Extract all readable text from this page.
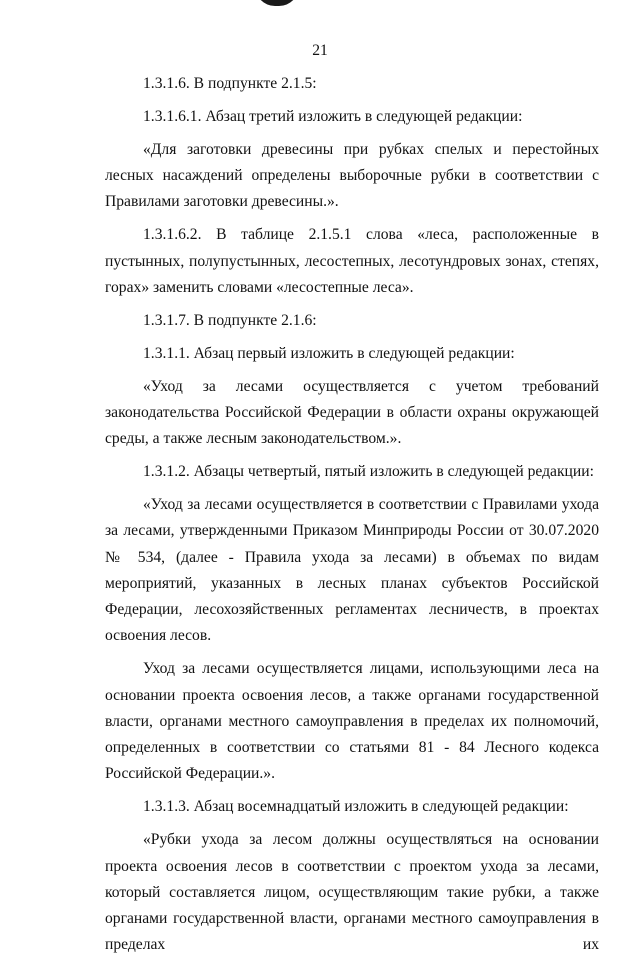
21

1.3.1.6. В подпункте 2.1.5:

1.3.1.6.1. Абзац третий изложить в следующей редакции:

«Для заготовки древесины при рубках спелых и перестойных лесных насаждений определены выборочные рубки в соответствии с Правилами заготовки древесины.».

1.3.1.6.2. В таблице 2.1.5.1 слова «леса, расположенные в пустынных, полупустынных, лесостепных, лесотундровых зонах, степях, горах» заменить словами «лесостепные леса».

1.3.1.7. В подпункте 2.1.6:

1.3.1.1. Абзац первый изложить в следующей редакции:

«Уход за лесами осуществляется с учетом требований законодательства Российской Федерации в области охраны окружающей среды, а также лесным законодательством.».

1.3.1.2. Абзацы четвертый, пятый изложить в следующей редакции:

«Уход за лесами осуществляется в соответствии с Правилами ухода за лесами, утвержденными Приказом Минприроды России от 30.07.2020 № 534, (далее - Правила ухода за лесами) в объемах по видам мероприятий, указанных в лесных планах субъектов Российской Федерации, лесохозяйственных регламентах лесничеств, в проектах освоения лесов.

Уход за лесами осуществляется лицами, использующими леса на основании проекта освоения лесов, а также органами государственной власти, органами местного самоуправления в пределах их полномочий, определенных в соответствии со статьями 81 - 84 Лесного кодекса Российской Федерации.».

1.3.1.3. Абзац восемнадцатый изложить в следующей редакции:

«Рубки ухода за лесом должны осуществляться на основании проекта освоения лесов в соответствии с проектом ухода за лесами, который составляется лицом, осуществляющим такие рубки, а также органами государственной власти, органами местного самоуправления в пределах их
